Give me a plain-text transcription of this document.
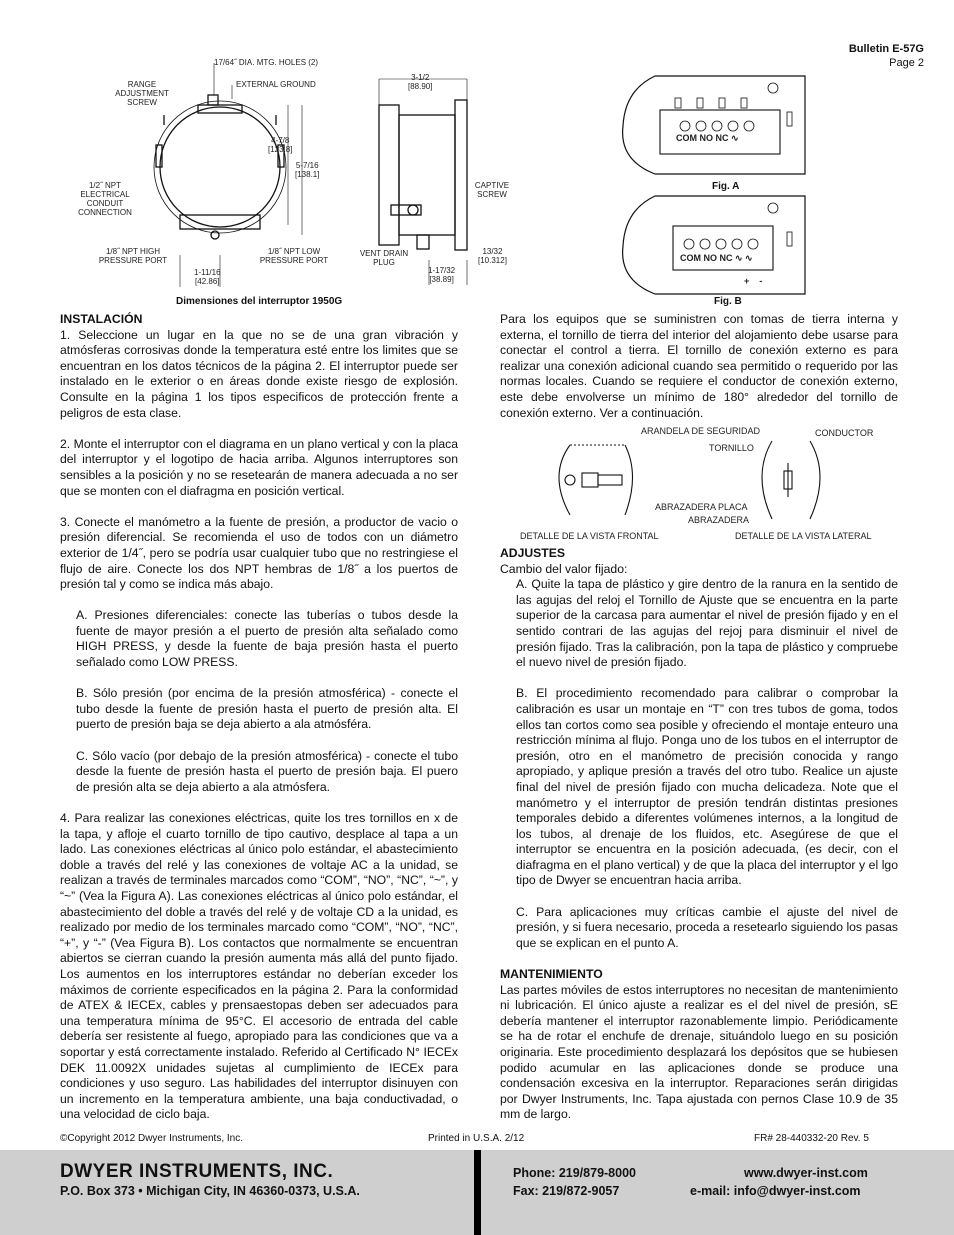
Bulletin E-57G
Page 2
17/64˝ DIA. MTG. HOLES (2)
RANGE
ADJUSTMENT
SCREW
EXTERNAL GROUND
4-7/8
[123.8]
5-7/16
[138.1]
1/2˝ NPT
ELECTRICAL
CONDUIT
CONNECTION
1/8˝ NPT HIGH
PRESSURE PORT
1/8˝ NPT LOW
PRESSURE PORT
1-11/16
[42.86]
3-1/2
[88.90]
CAPTIVE
SCREW
VENT DRAIN
PLUG
13/32
[10.312]
1-17/32
[38.89]
Dimensiones del interruptor 1950G
COM NO NC ∿
Fig. A
COM NO NC ∿ ∿
+    -
Fig. B
INSTALACIÓN

1. Seleccione un lugar en la que no se de una gran vibración y atmósferas corrosivas donde la temperatura esté entre los limites que se encuentran en los datos técnicos de la página 2. El interruptor puede ser instalado en le exterior o en áreas donde existe riesgo de explosión. Consulte en la página 1 los tipos especificos de protección frente a peligros de esta clase.

2. Monte el interruptor con el diagrama en un plano vertical y con la placa del interruptor y el logotipo de hacia arriba. Algunos interruptores son sensibles a la posición y no se resetearán de manera adecuada a no ser que se monten con el diafragma en posición vertical.

3. Conecte el manómetro a la fuente de presión, a productor de vacio o presión diferencial. Se recomienda el uso de todos con un diámetro exterior de 1/4˝, pero se podría usar cualquier tubo que no restringiese el flujo de aire. Conecte los dos NPT hembras de 1/8˝ a los puertos de presión tal y como se indica más abajo.

A. Presiones diferenciales: conecte las tuberías o tubos desde la fuente de mayor presión a el puerto de presión alta señalado como HIGH PRESS, y desde la fuente de baja presión hasta el puerto señalado como LOW PRESS.

B. Sólo presión (por encima de la presión atmosférica) - conecte el tubo desde la fuente de presión hasta el puerto de presión alta. El puerto de presión baja se deja abierto a ala atmósféra.

C. Sólo vacío (por debajo de la presión atmosférica) - conecte el tubo desde la fuente de presión hasta el puerto de presión baja. El puero de presión alta se deja abierto a ala atmósfera.

4. Para realizar las conexiones eléctricas, quite los tres tornillos en x de la tapa, y afloje el cuarto tornillo de tipo cautivo, desplace al tapa a un lado. Las conexiones eléctricas al único polo estándar, el abastecimiento doble a través del relé y las conexiones de voltaje AC a la unidad, se realizan a través de terminales marcados como “COM”, “NO”, “NC”, “~”, y “~” (Vea la Figura A). Las conexiones eléctricas al único polo estándar, el abastecimiento del doble a través del relé y de voltaje CD a la unidad, es realizado por medio de los terminales marcado como “COM”, “NO”, “NC”, “+”, y “-” (Vea Figura B). Los contactos que normalmente se encuentran abiertos se cierran cuando la presión aumenta más allá del punto fijado. Los aumentos en los interruptores estándar no deberían exceder los máximos de corriente especificados en la página 2. Para la conformidad de ATEX & IECEx, cables y prensaestopas deben ser adecuados para una temperatura mínima de 95°C. El accesorio de entrada del cable debería ser resistente al fuego, apropiado para las condiciones que va a soportar y está correctamente instalado. Referido al Certificado N° IECEx DEK 11.0092X unidades sujetas al cumplimiento de IECEx para condiciones y uso seguro. Las habilidades del interruptor disinuyen con un incremento en la temperatura ambiente, una baja conductivadad, o una velocidad de ciclo baja.

Para los equipos que se suministren con tomas de tierra interna y externa, el tornillo de tierra del interior del alojamiento debe usarse para conectar el control a tierra. El tornillo de conexión externo es para realizar una conexión adicional cuando sea permitido o requerido por las normas locales. Cuando se requiere el conductor de conexión externo, este debe envolverse un mínimo de 180° alrededor del tornillo de conexión externo. Ver a continuación.

ARANDELA DE SEGURIDAD
TORNILLO
CONDUCTOR
ABRAZADERA PLACA
ABRAZADERA
DETALLE DE LA VISTA FRONTAL	DETALLE DE LA VISTA LATERAL
ADJUSTES

Cambio del valor fijado:

A. Quite la tapa de plástico y gire dentro de la ranura en la sentido de las agujas del reloj el Tornillo de Ajuste que se encuentra en la parte superior de la carcasa para aumentar el nivel de presión fijado y en el sentido contrari de las agujas del rejoj para disminuir el nivel de presión fijado. Tras la calibración, pon la tapa de plástico y compruebe el nuevo nivel de presión fijado.

B. El procedimiento recomendado para calibrar o comprobar la calibración es usar un montaje en “T” con tres tubos de goma, todos ellos tan cortos como sea posible y ofreciendo el montaje enteuro una restricción mínima al flujo. Ponga uno de los tubos en el interruptor de presión, otro en el manómetro de precisión conocida y rango apropiado, y aplique presión a través del otro tubo. Realice un ajuste final del nivel de presión fijado con mucha delicadeza. Note que el manómetro y el interruptor de presión tendrán distintas presiones temporales debido a diferentes volúmenes internos, a la longitud de los tubos, al drenaje de los fluidos, etc. Asegúrese de que el interruptor se encuentra en la posición adecuada, (es decir, con el diafragma en el plano vertical) y de que la placa del interruptor y el lgo tipo de Dwyer se encuentran hacia arriba.

C. Para aplicaciones muy críticas cambie el ajuste del nivel de presión, y si fuera necesario, proceda a resetearlo siguiendo los pasas que se explican en el punto A.

MANTENIMIENTO

Las partes móviles de estos interruptores no necesitan de mantenimiento ni lubricación. El único ajuste a realizar es el del nivel de presión, sE debería mantener el interruptor razonablemente limpio. Periódicamente se ha de rotar el enchufe de drenaje, situándolo luego en su posición originaria. Este procedimiento desplazará los depósitos que se hubiesen podido acumular en las aplicaciones donde se produce una condensación excesiva en la interruptor. Reparaciones serán dirigidas por Dwyer Instruments, Inc. Tapa ajustada con pernos Clase 10.9 de 35 mm de largo.

©Copyright 2012 Dwyer Instruments, Inc.	Printed in U.S.A. 2/12	FR# 28-440332-20 Rev. 5
DWYER INSTRUMENTS, INC.
P.O. Box 373 • Michigan City, IN 46360-0373, U.S.A.
Phone: 219/879-8000
Fax: 219/872-9057
www.dwyer-inst.com
e-mail: info@dwyer-inst.com
